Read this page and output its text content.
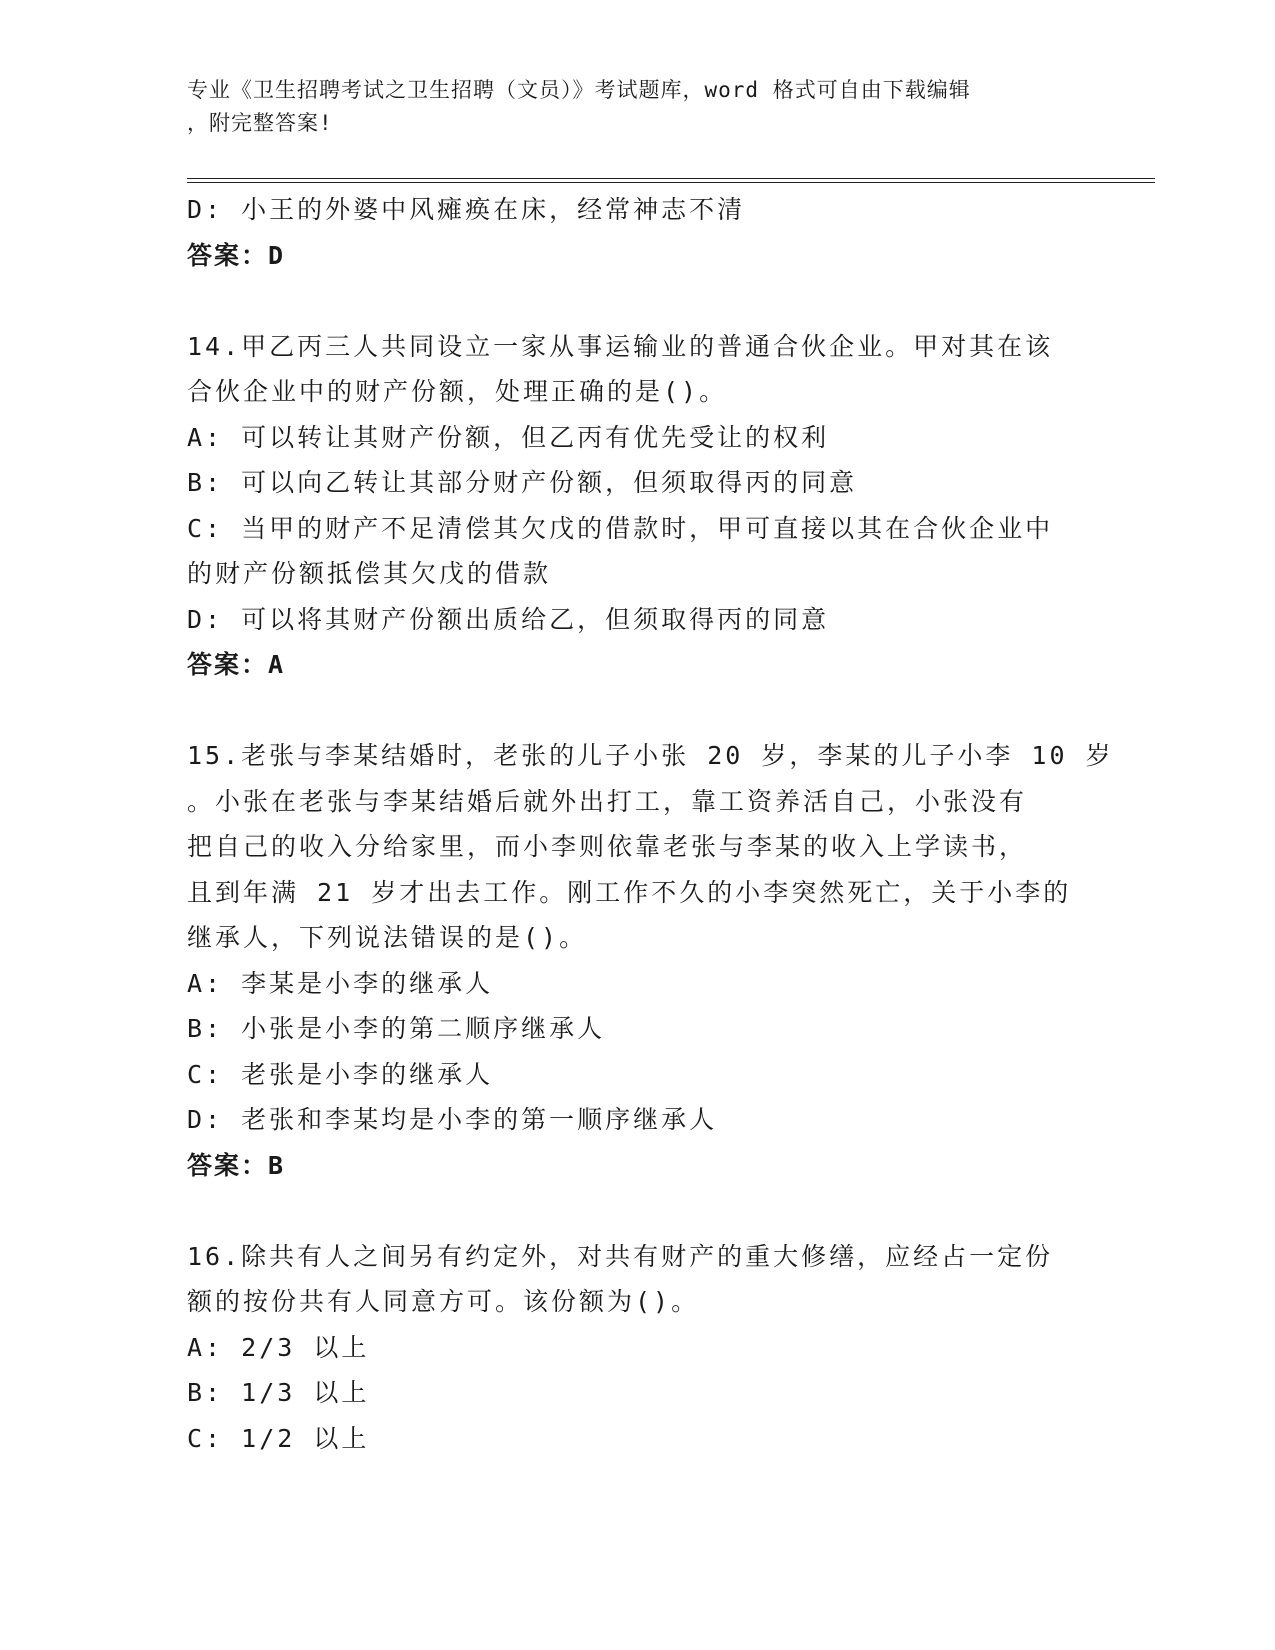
专业《卫生招聘考试之卫生招聘（文员）》考试题库，word 格式可自由下载编辑
，附完整答案!
D: 小王的外婆中风瘫痪在床，经常神志不清
答案：D
14.甲乙丙三人共同设立一家从事运输业的普通合伙企业。甲对其在该
合伙企业中的财产份额，处理正确的是()。
A: 可以转让其财产份额，但乙丙有优先受让的权利
B: 可以向乙转让其部分财产份额，但须取得丙的同意
C: 当甲的财产不足清偿其欠戊的借款时，甲可直接以其在合伙企业中
的财产份额抵偿其欠戊的借款
D: 可以将其财产份额出质给乙，但须取得丙的同意
答案：A
15.老张与李某结婚时，老张的儿子小张 20 岁，李某的儿子小李 10 岁
。小张在老张与李某结婚后就外出打工，靠工资养活自己，小张没有
把自己的收入分给家里，而小李则依靠老张与李某的收入上学读书，
且到年满 21 岁才出去工作。刚工作不久的小李突然死亡，关于小李的
继承人，下列说法错误的是()。
A: 李某是小李的继承人
B: 小张是小李的第二顺序继承人
C: 老张是小李的继承人
D: 老张和李某均是小李的第一顺序继承人
答案：B
16.除共有人之间另有约定外，对共有财产的重大修缮，应经占一定份
额的按份共有人同意方可。该份额为()。
A: 2/3 以上
B: 1/3 以上
C: 1/2 以上
